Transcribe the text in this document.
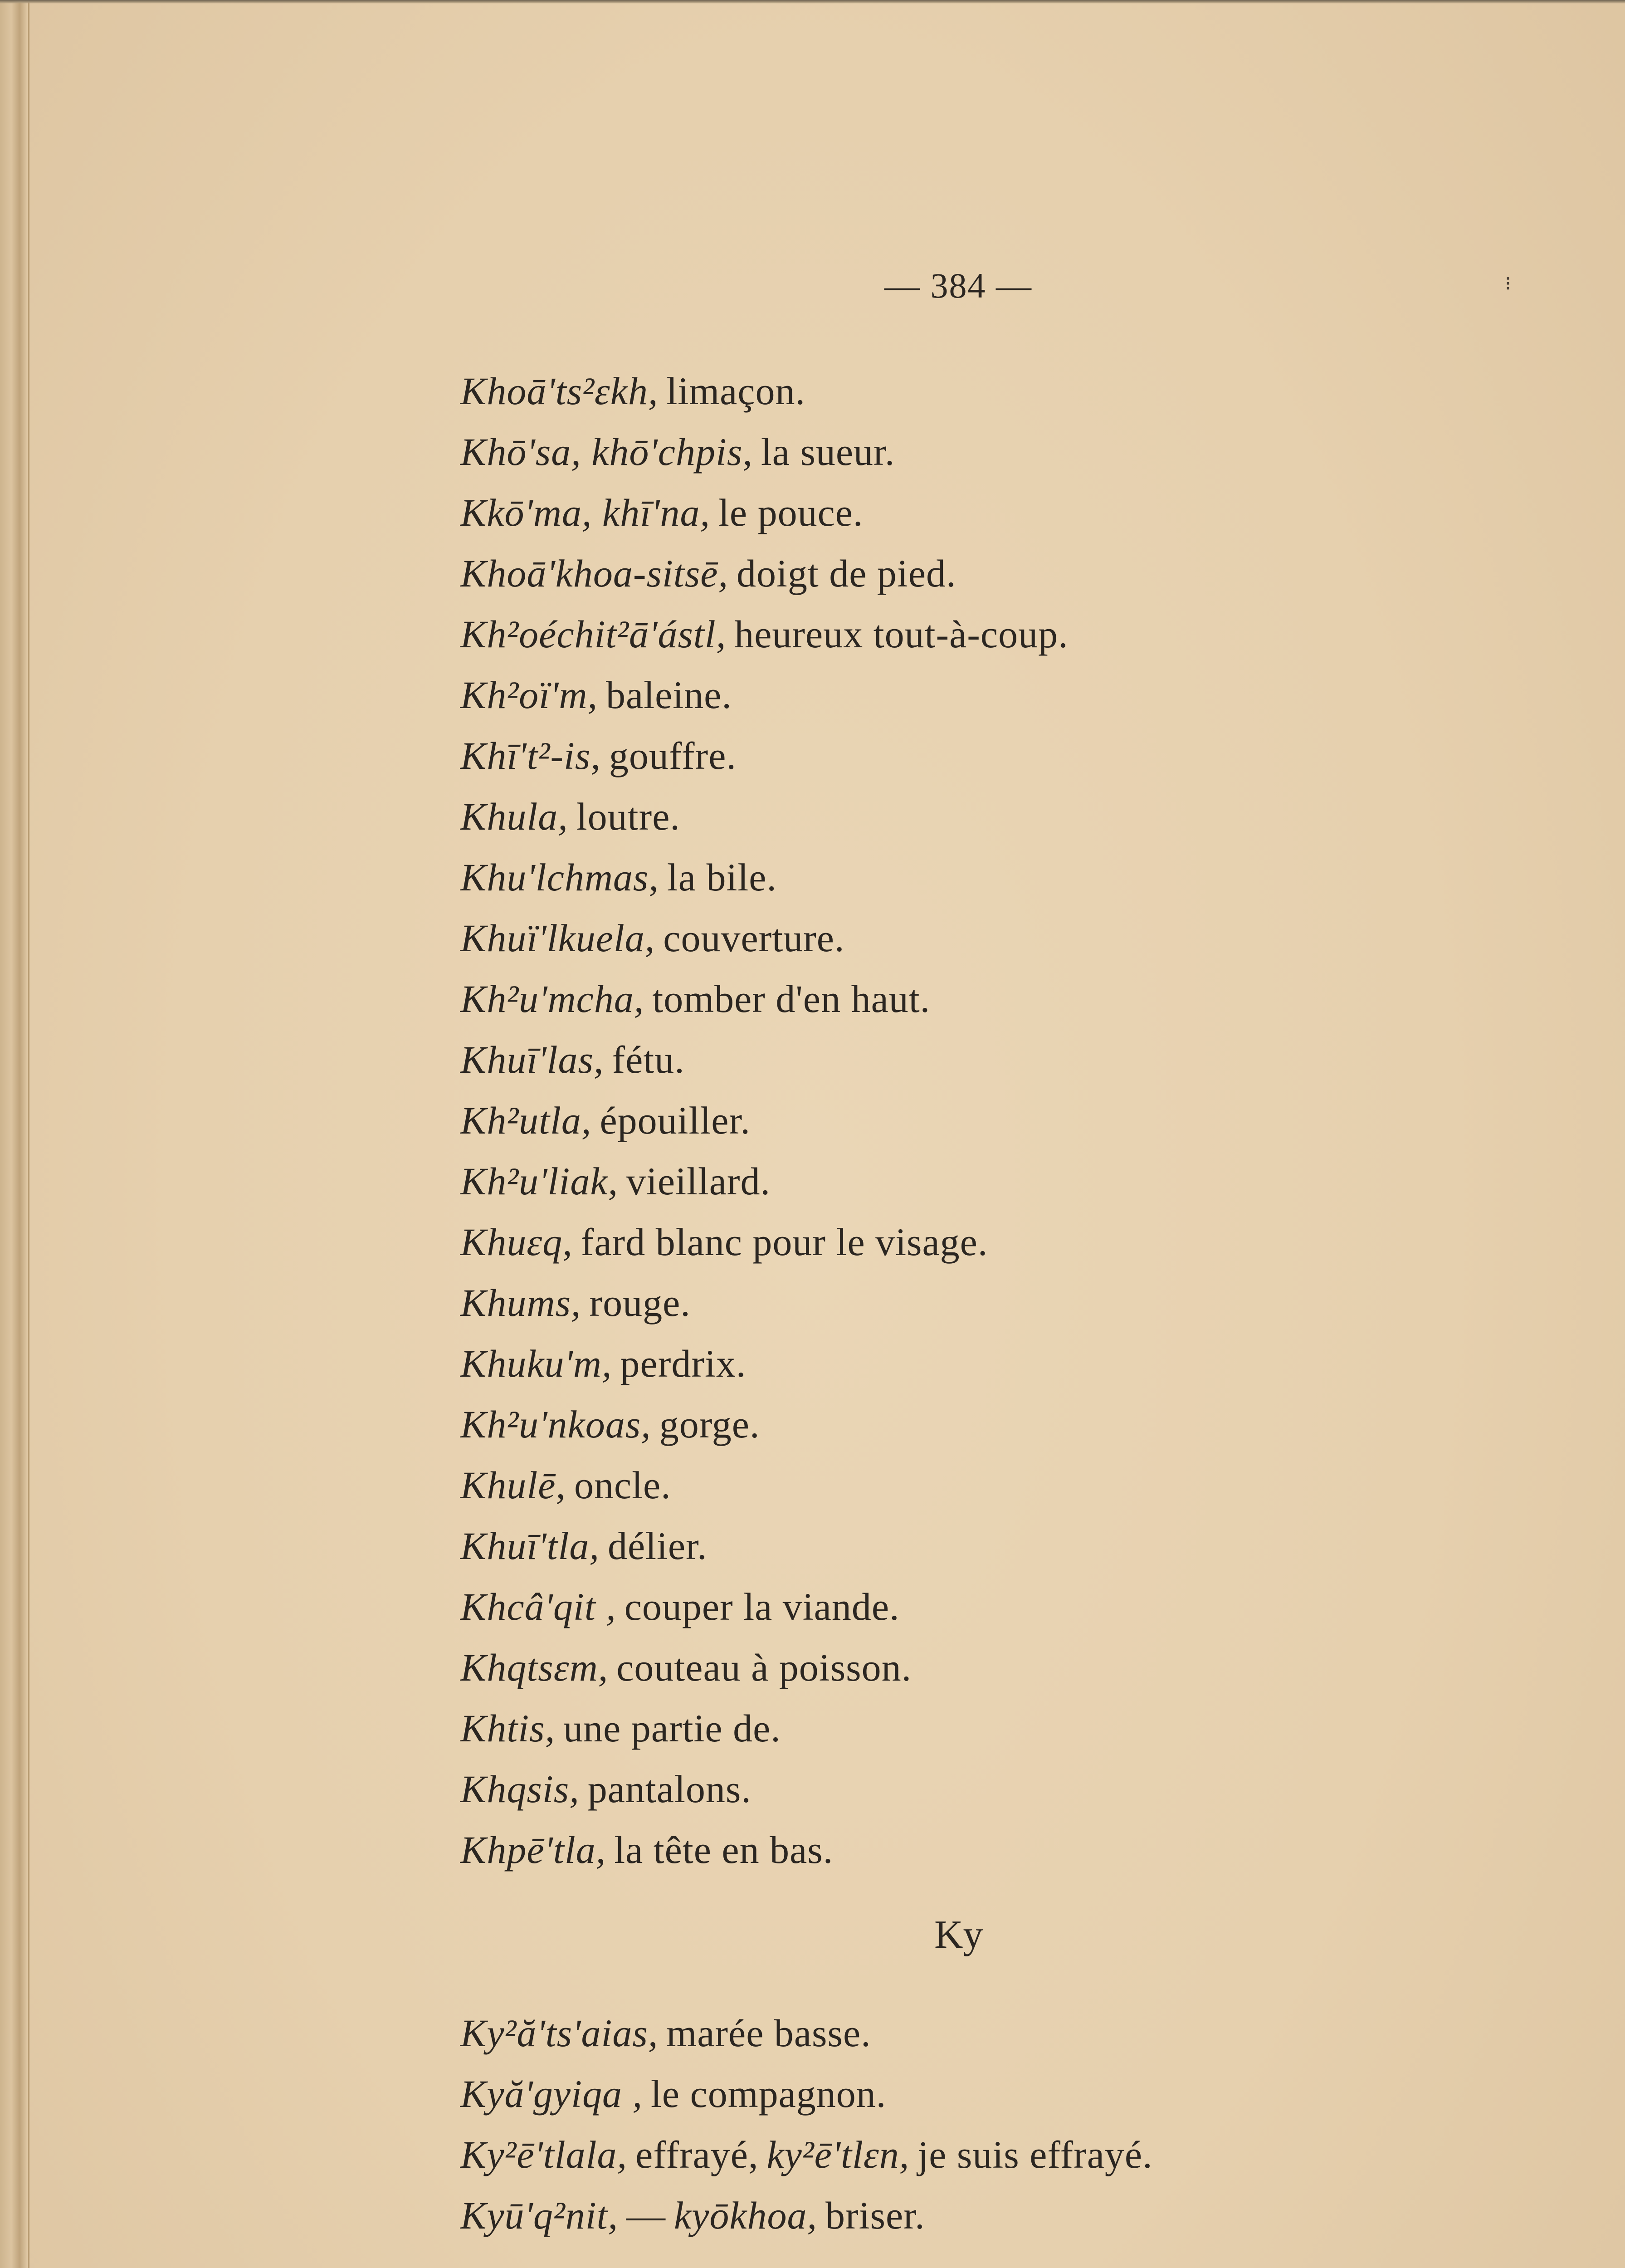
— 384 —	⁝
Khoā'ts²ɛkh, limaçon.
Khō'sa, khō'chpis, la sueur.
Kkō'ma, khī'na, le pouce.
Khoā'khoa-sitsē, doigt de pied.
Kh²oéchit²ā'ástl, heureux tout-à-coup.
Kh²oï'm, baleine.
Khī't²-is, gouffre.
Khula, loutre.
Khu'lchmas, la bile.
Khuï'lkuela, couverture.
Kh²u'mcha, tomber d'en haut.
Khuī'las, fétu.
Kh²utla, épouiller.
Kh²u'liak, vieillard.
Khuɛq, fard blanc pour le visage.
Khums, rouge.
Khuku'm, perdrix.
Kh²u'nkoas, gorge.
Khulē, oncle.
Khuī'tla, délier.
Khcâ'qit , couper la viande.
Khqtsɛm, couteau à poisson.
Khtis, une partie de.
Khqsis, pantalons.
Khpē'tla, la tête en bas.
Ky
Ky²ă'ts'aias, marée basse.
Kyă'gyiqa , le compagnon.
Ky²ē'tlala, effrayé, ky²ē'tlɛn, je suis effrayé.
Kyū'q²nit, — kyōkhoa, briser.
